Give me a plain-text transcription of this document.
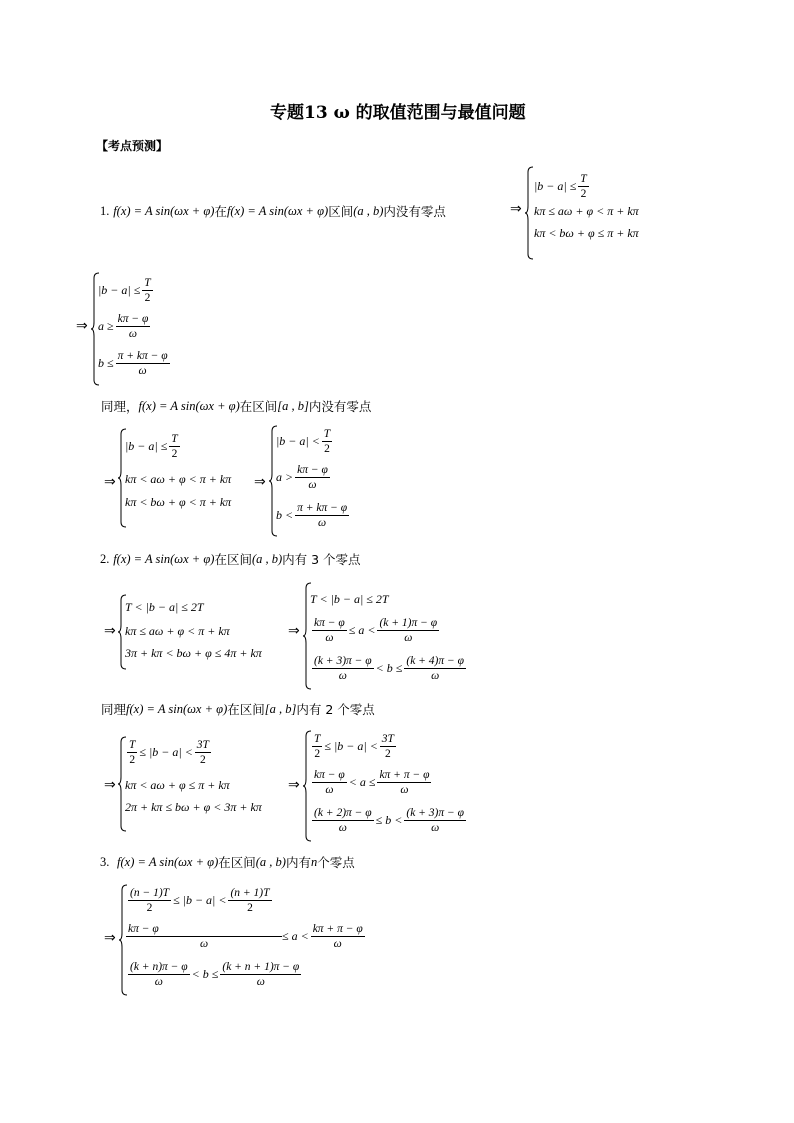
专题13 ω 的取值范围与最值问题
【考点预测】
1.
f(x) = A sin(ωx + φ) 在 f(x) = A sin(ωx + φ) 区间 (a , b) 内没有零点	⇒
$|b - a| \le \frac{T}{2}$
kπ ≤ aω + φ < π + kπ
kπ < bω + φ ≤ π + kπ
⇒
$|b - a| \le \frac{T}{2}$
$a \ge \frac{k\pi - \varphi}{\omega}$
$b \le \frac{\pi + k\pi - \varphi}{\omega}$
同理， f(x) = A sin(ωx + φ) 在区间 [a , b] 内没有零点
⇒
$|b - a| \le \frac{T}{2}$
kπ < aω + φ < π + kπ
kπ < bω + φ < π + kπ
⇒
$|b - a| < \frac{T}{2}$
$a > \frac{k\pi - \varphi}{\omega}$
$b < \frac{\pi + k\pi - \varphi}{\omega}$
2.
f(x) = A sin(ωx + φ) 在区间 (a , b) 内有 3 个零点
⇒
T < |b − a| ≤ 2T
kπ ≤ aω + φ < π + kπ
3π + kπ < bω + φ ≤ 4π + kπ
⇒
T < |b − a| ≤ 2T
$\frac{k\pi - \varphi}{\omega} \le a < \frac{(k + 1)\pi - \varphi}{\omega}$
$\frac{(k + 3)\pi - \varphi}{\omega} < b \le \frac{(k + 4)\pi - \varphi}{\omega}$
同理 f(x) = A sin(ωx + φ) 在区间 [a , b] 内有 2 个零点
⇒
$\frac{T}{2} \le |b - a| < \frac{3T}{2}$
kπ < aω + φ ≤ π + kπ
2π + kπ ≤ bω + φ < 3π + kπ
⇒
$\frac{T}{2} \le |b - a| < \frac{3T}{2}$
$\frac{k\pi - \varphi}{\omega} < a \le \frac{k\pi + \pi - \varphi}{\omega}$
$\frac{(k + 2)\pi - \varphi}{\omega} \le b < \frac{(k + 3)\pi - \varphi}{\omega}$
3.
f(x) = A sin(ωx + φ) 在区间 (a , b) 内有 n 个零点
⇒
$\frac{(n - 1)T}{2} \le |b - a| < \frac{(n + 1)T}{2}$
$\frac{k\pi - \varphi}{\omega} \le a < \frac{k\pi + \pi - \varphi}{\omega}$
$\frac{(k + n)\pi - \varphi}{\omega} < b \le \frac{(k + n + 1)\pi - \varphi}{\omega}$
